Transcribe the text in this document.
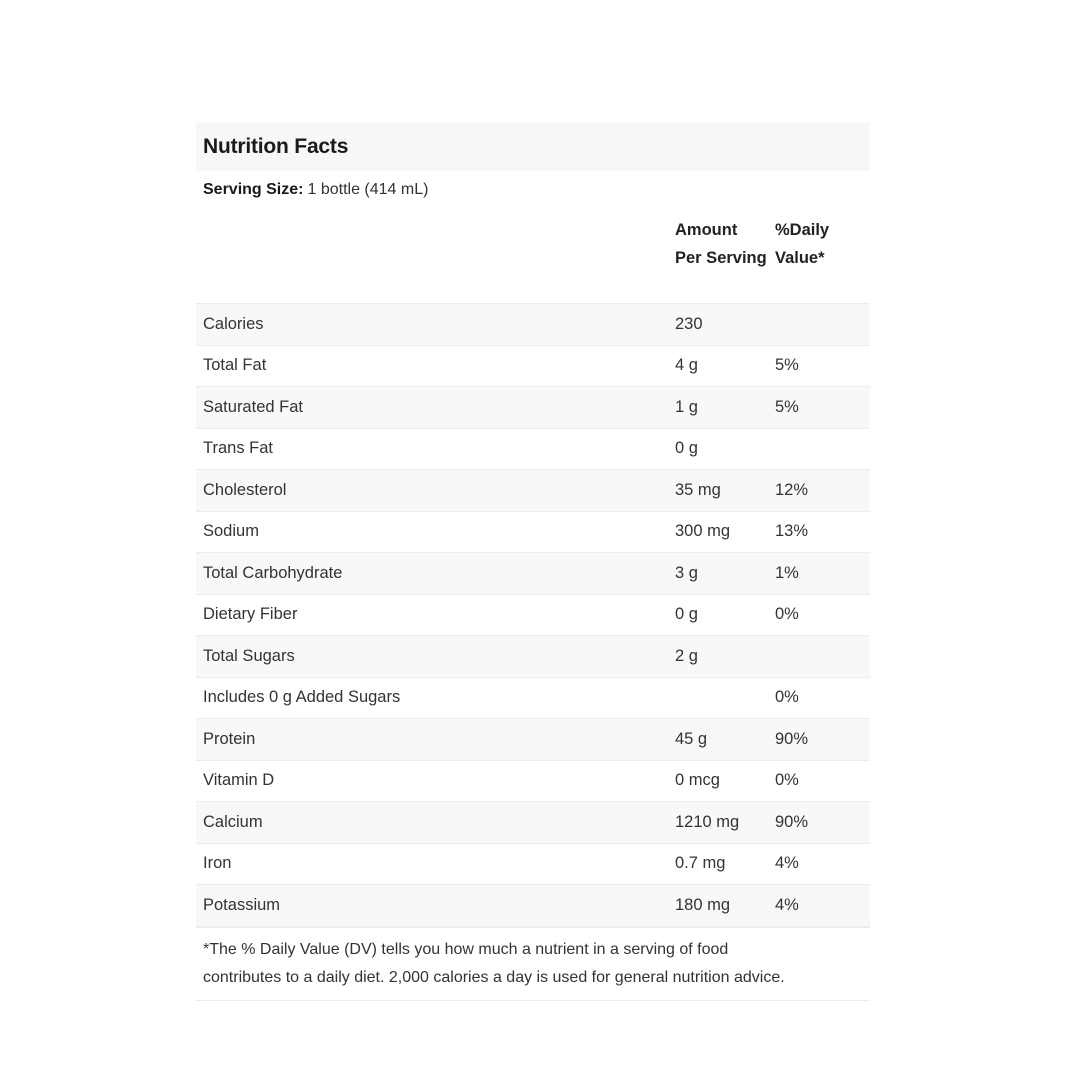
Nutrition Facts
Serving Size: 1 bottle (414 mL)
	Amount Per Serving	%Daily Value*
Calories	230	
Total Fat	4 g	5%
Saturated Fat	1 g	5%
Trans Fat	0 g	
Cholesterol	35 mg	12%
Sodium	300 mg	13%
Total Carbohydrate	3 g	1%
Dietary Fiber	0 g	0%
Total Sugars	2 g	
Includes 0 g Added Sugars		0%
Protein	45 g	90%
Vitamin D	0 mcg	0%
Calcium	1210 mg	90%
Iron	0.7 mg	4%
Potassium	180 mg	4%
*The % Daily Value (DV) tells you how much a nutrient in a serving of food
contributes to a daily diet. 2,000 calories a day is used for general nutrition advice.
